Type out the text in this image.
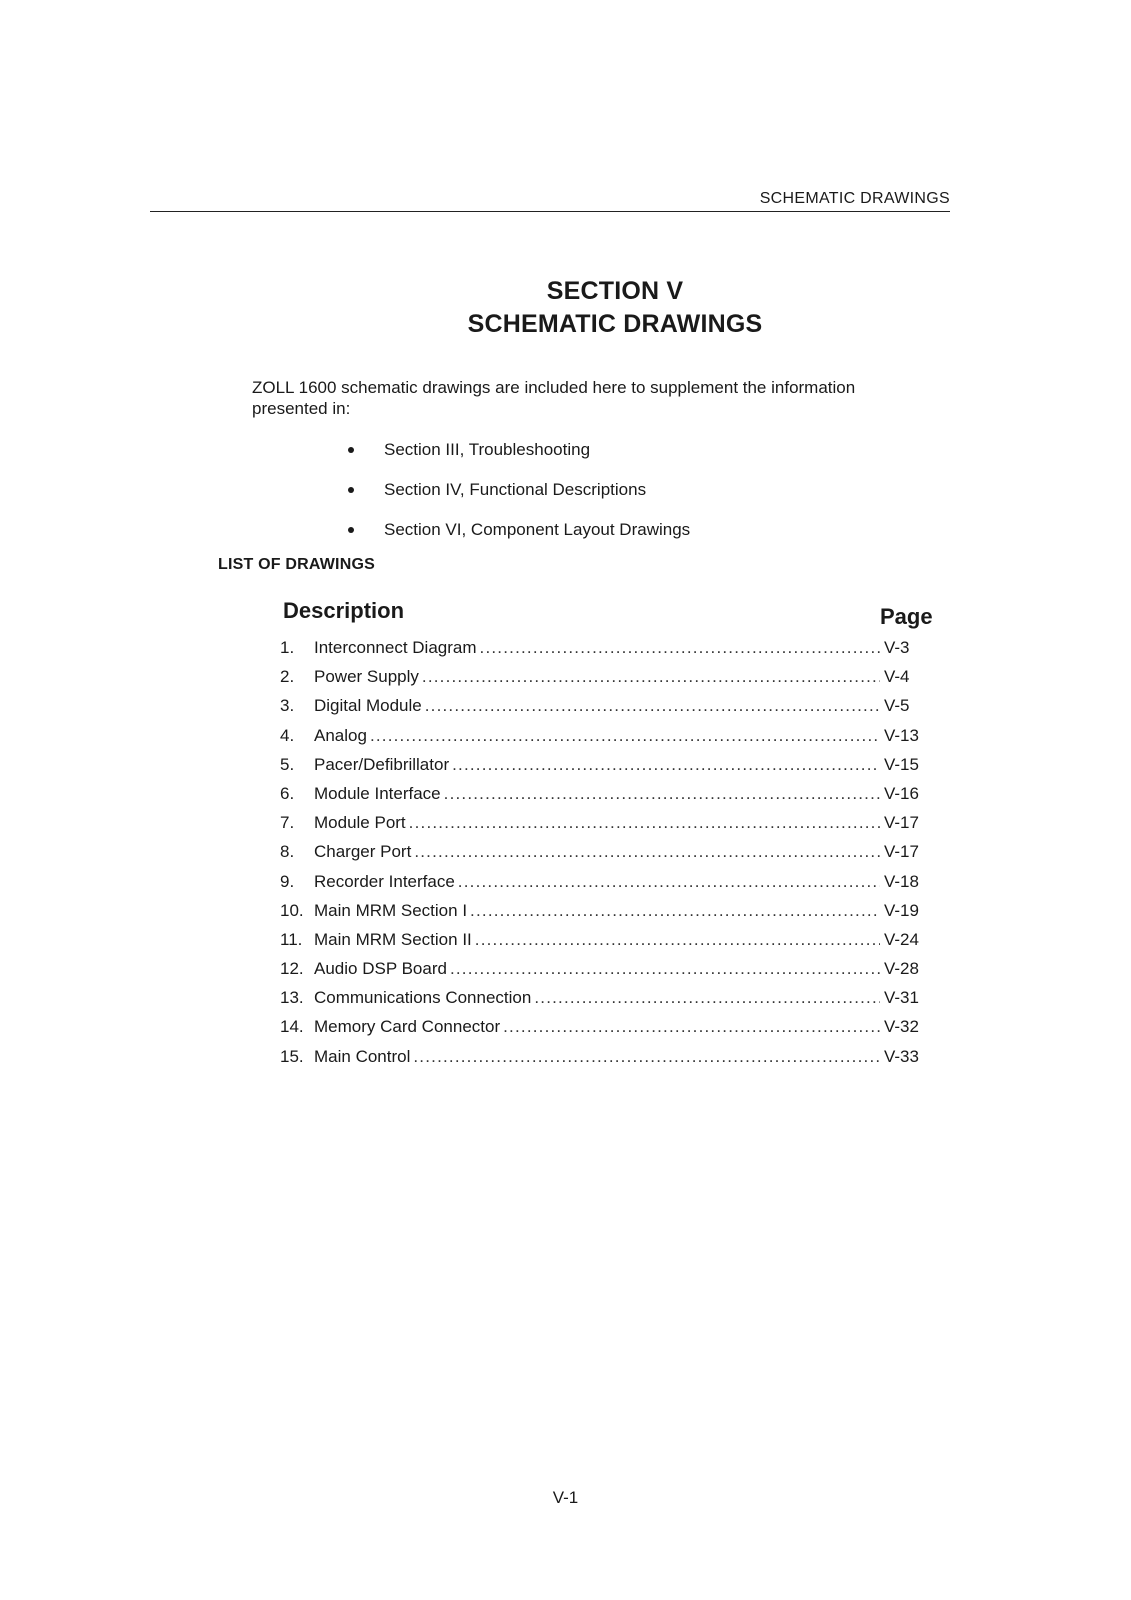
SCHEMATIC DRAWINGS
SECTION V
SCHEMATIC DRAWINGS
ZOLL 1600 schematic drawings are included here to supplement the information presented in:
Section III, Troubleshooting
Section IV, Functional Descriptions
Section VI, Component Layout Drawings
LIST OF DRAWINGS
Description	Page
1.	Interconnect Diagram .....	V-3
2.	Power Supply .....	V-4
3.	Digital Module .....	V-5
4.	Analog .....	V-13
5.	Pacer/Defibrillator .....	V-15
6.	Module Interface .....	V-16
7.	Module Port .....	V-17
8.	Charger Port .....	V-17
9.	Recorder Interface .....	V-18
10. Main MRM Section I .....	V-19
11. Main MRM Section II .....	V-24
12. Audio DSP Board .....	V-28
13. Communications Connection .....	V-31
14. Memory Card Connector .....	V-32
15. Main Control .....	V-33
V-1
